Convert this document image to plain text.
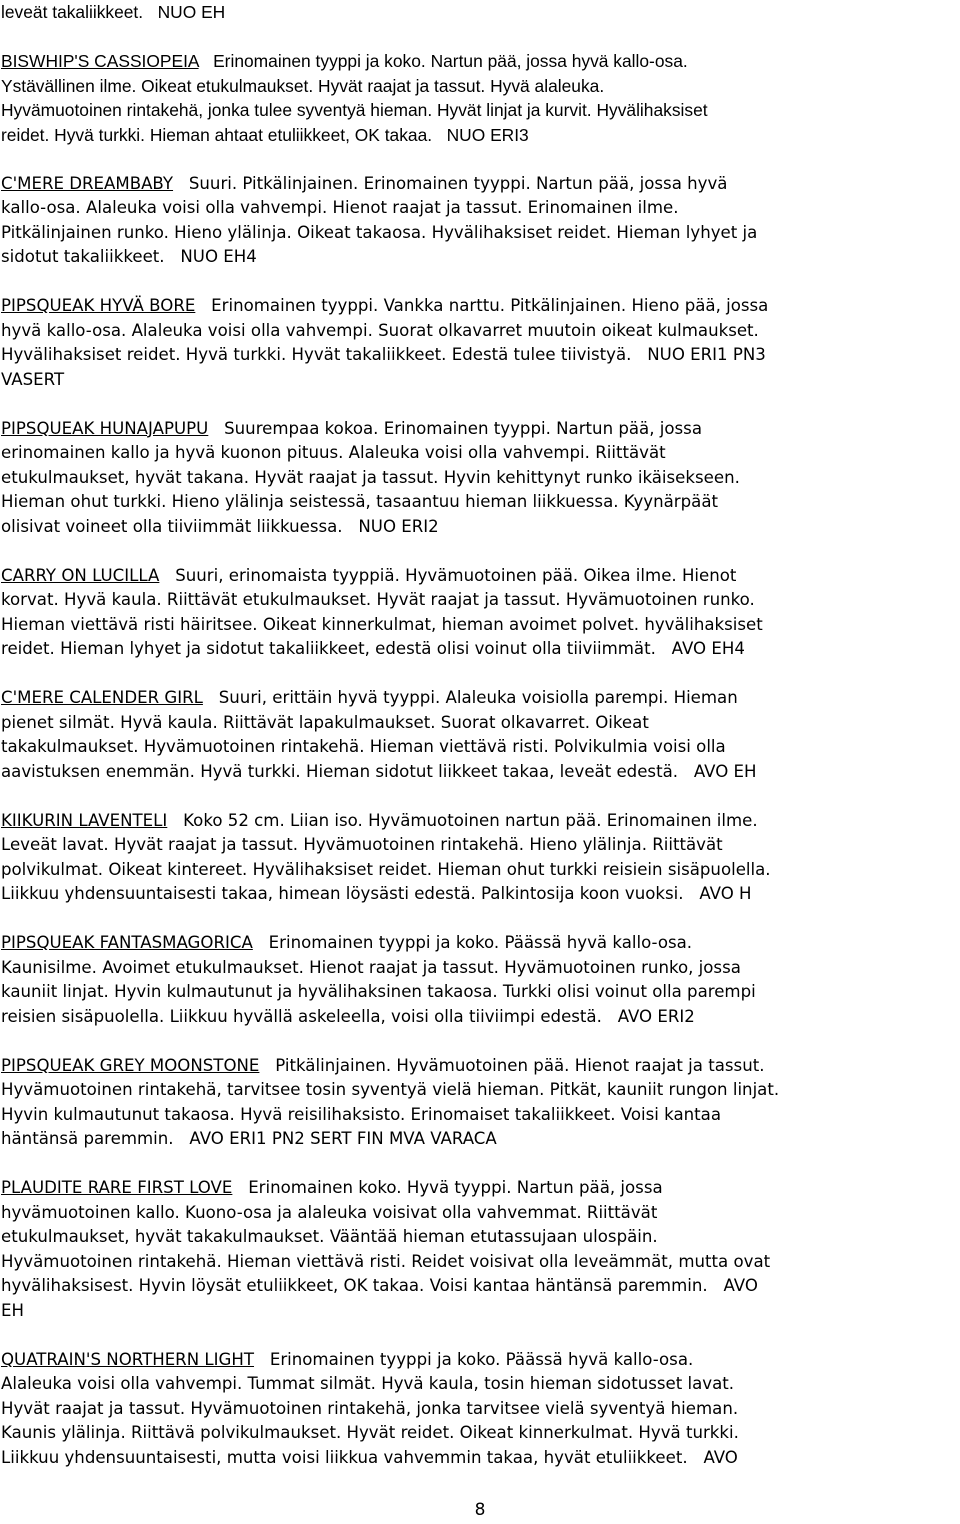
leveät takaliikkeet.   NUO EH
BISWHIP'S CASSIOPEIA   Erinomainen tyyppi ja koko. Nartun pää, jossa hyvä kallo-osa.
Ystävällinen ilme. Oikeat etukulmaukset. Hyvät raajat ja tassut. Hyvä alaleuka.
Hyvämuotoinen rintakehä, jonka tulee syventyä hieman. Hyvät linjat ja kurvit. Hyvälihaksiset
reidet. Hyvä turkki. Hieman ahtaat etuliikkeet, OK takaa.   NUO ERI3
C'MERE DREAMBABY   Suuri. Pitkälinjainen. Erinomainen tyyppi. Nartun pää, jossa hyvä
kallo-osa. Alaleuka voisi olla vahvempi. Hienot raajat ja tassut. Erinomainen ilme.
Pitkälinjainen runko. Hieno ylälinja. Oikeat takaosa. Hyvälihaksiset reidet. Hieman lyhyet ja
sidotut takaliikkeet.   NUO EH4
PIPSQUEAK HYVÄ BORE   Erinomainen tyyppi. Vankka narttu. Pitkälinjainen. Hieno pää, jossa
hyvä kallo-osa. Alaleuka voisi olla vahvempi. Suorat olkavarret muutoin oikeat kulmaukset.
Hyvälihaksiset reidet. Hyvä turkki. Hyvät takaliikkeet. Edestä tulee tiivistyä.   NUO ERI1 PN3
VASERT
PIPSQUEAK HUNAJAPUPU   Suurempaa kokoa. Erinomainen tyyppi. Nartun pää, jossa
erinomainen kallo ja hyvä kuonon pituus. Alaleuka voisi olla vahvempi. Riittävät
etukulmaukset, hyvät takana. Hyvät raajat ja tassut. Hyvin kehittynyt runko ikäisekseen.
Hieman ohut turkki. Hieno ylälinja seistessä, tasaantuu hieman liikkuessa. Kyynärpäät
olisivat voineet olla tiiviimmät liikkuessa.   NUO ERI2
CARRY ON LUCILLA   Suuri, erinomaista tyyppiä. Hyvämuotoinen pää. Oikea ilme. Hienot
korvat. Hyvä kaula. Riittävät etukulmaukset. Hyvät raajat ja tassut. Hyvämuotoinen runko.
Hieman viettävä risti häiritsee. Oikeat kinnerkulmat, hieman avoimet polvet. hyvälihaksiset
reidet. Hieman lyhyet ja sidotut takaliikkeet, edestä olisi voinut olla tiiviimmät.   AVO EH4
C'MERE CALENDER GIRL   Suuri, erittäin hyvä tyyppi. Alaleuka voisiolla parempi. Hieman
pienet silmät. Hyvä kaula. Riittävät lapakulmaukset. Suorat olkavarret. Oikeat
takakulmaukset. Hyvämuotoinen rintakehä. Hieman viettävä risti. Polvikulmia voisi olla
aavistuksen enemmän. Hyvä turkki. Hieman sidotut liikkeet takaa, leveät edestä.   AVO EH
KIIKURIN LAVENTELI   Koko 52 cm. Liian iso. Hyvämuotoinen nartun pää. Erinomainen ilme.
Leveät lavat. Hyvät raajat ja tassut. Hyvämuotoinen rintakehä. Hieno ylälinja. Riittävät
polvikulmat. Oikeat kintereet. Hyvälihaksiset reidet. Hieman ohut turkki reisiein sisäpuolella.
Liikkuu yhdensuuntaisesti takaa, himean löysästi edestä. Palkintosija koon vuoksi.   AVO H
PIPSQUEAK FANTASMAGORICA   Erinomainen tyyppi ja koko. Päässä hyvä kallo-osa.
Kaunisilme. Avoimet etukulmaukset. Hienot raajat ja tassut. Hyvämuotoinen runko, jossa
kauniit linjat. Hyvin kulmautunut ja hyvälihaksinen takaosa. Turkki olisi voinut olla parempi
reisien sisäpuolella. Liikkuu hyvällä askeleella, voisi olla tiiviimpi edestä.   AVO ERI2
PIPSQUEAK GREY MOONSTONE   Pitkälinjainen. Hyvämuotoinen pää. Hienot raajat ja tassut.
Hyvämuotoinen rintakehä, tarvitsee tosin syventyä vielä hieman. Pitkät, kauniit rungon linjat.
Hyvin kulmautunut takaosa. Hyvä reisilihaksisto. Erinomaiset takaliikkeet. Voisi kantaa
häntänsä paremmin.   AVO ERI1 PN2 SERT FIN MVA VARACA
PLAUDITE RARE FIRST LOVE   Erinomainen koko. Hyvä tyyppi. Nartun pää, jossa
hyvämuotoinen kallo. Kuono-osa ja alaleuka voisivat olla vahvemmat. Riittävät
etukulmaukset, hyvät takakulmaukset. Vääntää hieman etutassujaan ulospäin.
Hyvämuotoinen rintakehä. Hieman viettävä risti. Reidet voisivat olla leveämmät, mutta ovat
hyvälihaksisest. Hyvin löysät etuliikkeet, OK takaa. Voisi kantaa häntänsä paremmin.   AVO
EH
QUATRAIN'S NORTHERN LIGHT   Erinomainen tyyppi ja koko. Päässä hyvä kallo-osa.
Alaleuka voisi olla vahvempi. Tummat silmät. Hyvä kaula, tosin hieman sidotusset lavat.
Hyvät raajat ja tassut. Hyvämuotoinen rintakehä, jonka tarvitsee vielä syventyä hieman.
Kaunis ylälinja. Riittävä polvikulmaukset. Hyvät reidet. Oikeat kinnerkulmat. Hyvä turkki.
Liikkuu yhdensuuntaisesti, mutta voisi liikkua vahvemmin takaa, hyvät etuliikkeet.   AVO
8
